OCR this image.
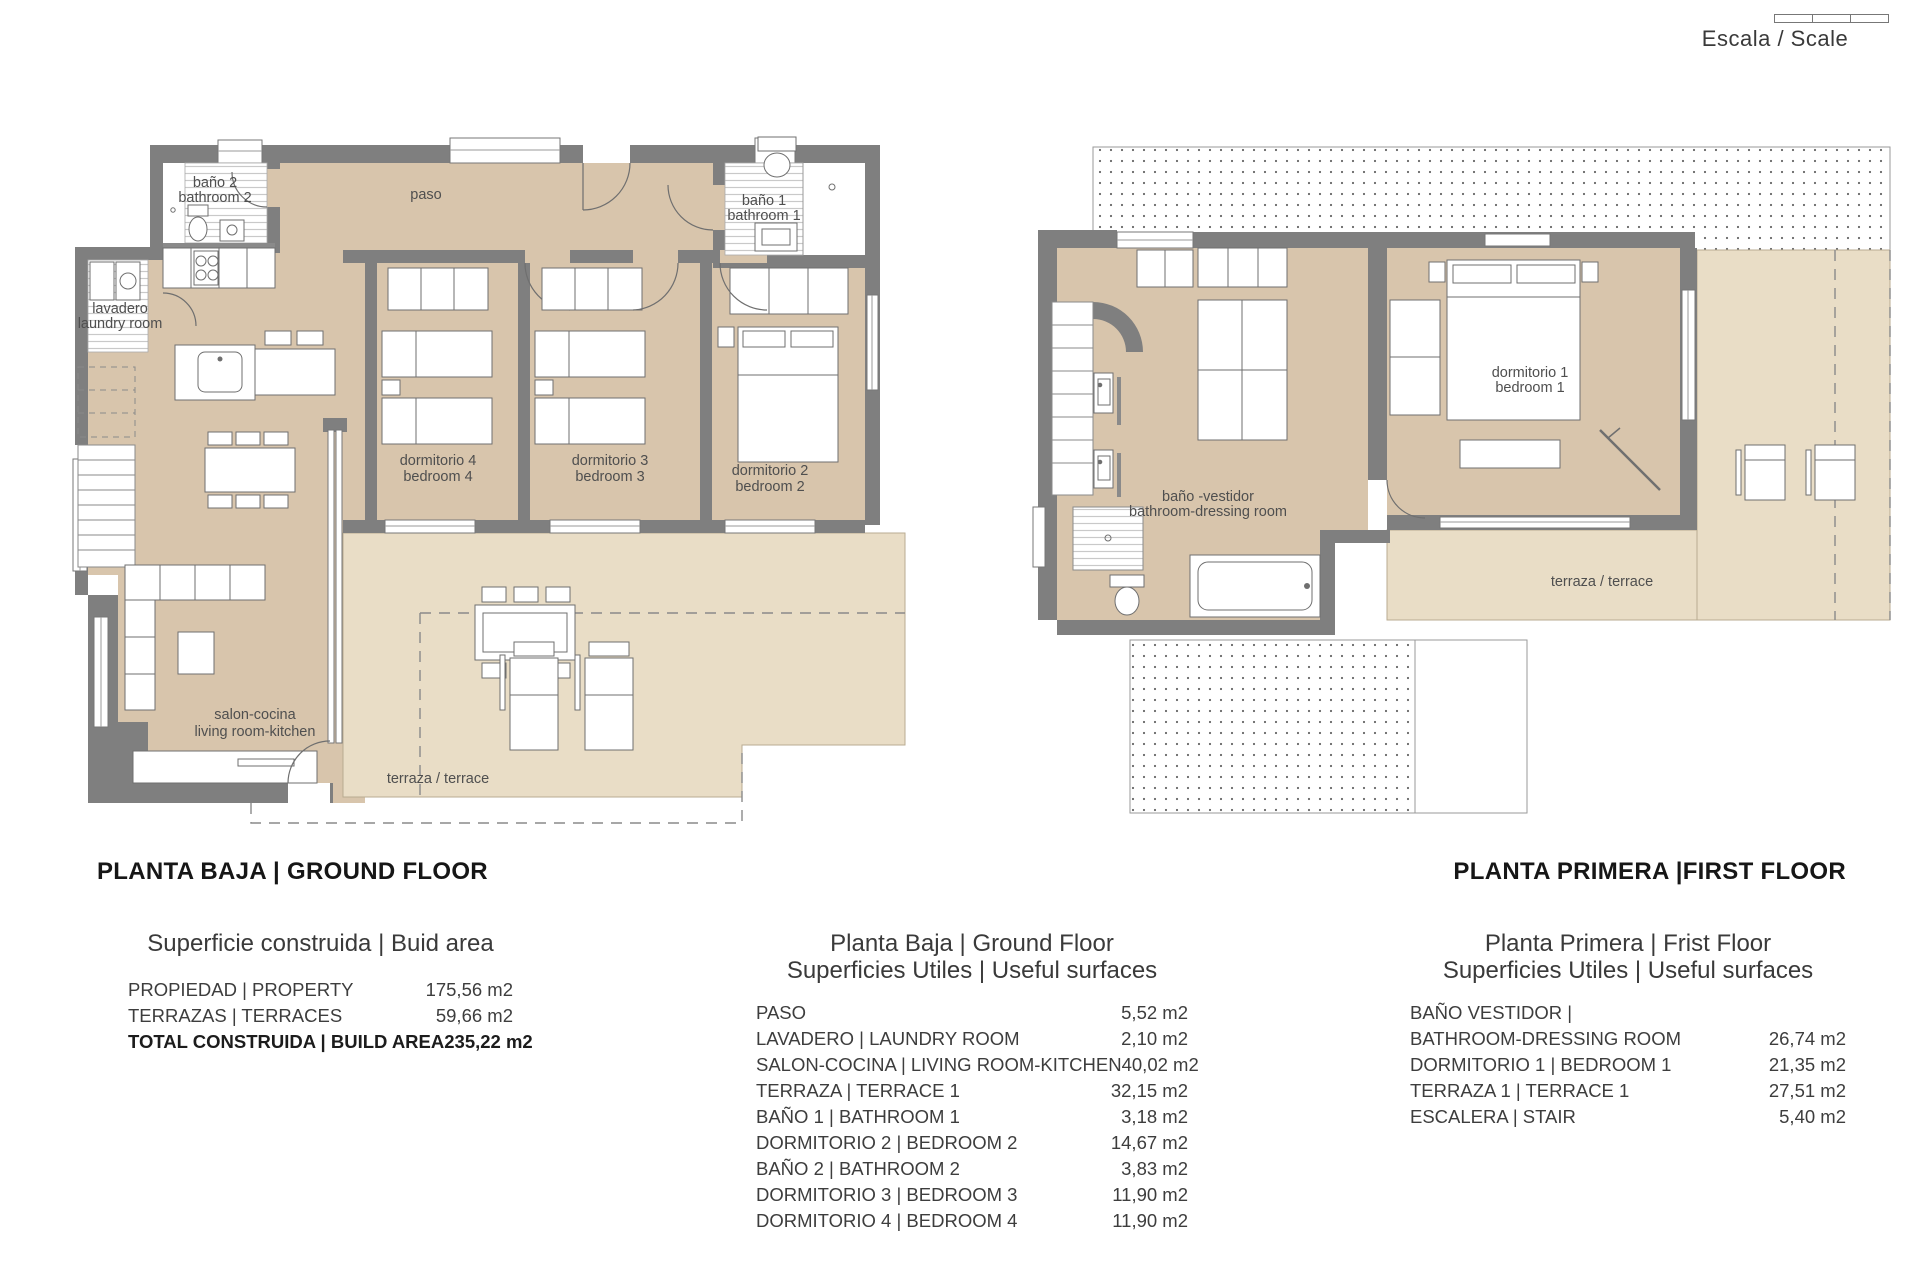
Escala / Scale
baño 2
bathroom 2
lavadero
laundry room
dormitorio 4
bedroom 4
dormitorio 3
bedroom 3	dormitorio 2
bedroom 2
baño 1
bathroom 1
paso
salon-cocina
living room-kitchen
terraza / terrace
dormitorio 1
bedroom 1
baño -vestidor
bathroom-dressing room
terraza / terrace
PLANTA BAJA | GROUND FLOOR	PLANTA PRIMERA |FIRST FLOOR
Superficie construida | Buid area
PROPIEDAD | PROPERTY	175,56 m2
TERRAZAS | TERRACES	59,66 m2
TOTAL CONSTRUIDA | BUILD AREA 235,22 m2
Planta Baja | Ground Floor
Superficies Utiles | Useful surfaces
PASO	5,52 m2
LAVADERO | LAUNDRY ROOM	2,10 m2
SALON-COCINA | LIVING ROOM-KITCHEN 40,02 m2
TERRAZA | TERRACE 1	32,15 m2
BAÑO 1 | BATHROOM 1	3,18 m2
DORMITORIO 2 | BEDROOM 2	14,67 m2
BAÑO 2 | BATHROOM 2	3,83 m2
DORMITORIO 3 | BEDROOM 3	11,90 m2
DORMITORIO 4 | BEDROOM 4	11,90 m2
Planta Primera | Frist Floor
Superficies Utiles | Useful surfaces
BAÑO VESTIDOR |
BATHROOM-DRESSING ROOM	26,74 m2
DORMITORIO 1 | BEDROOM 1	21,35 m2
TERRAZA 1 | TERRACE 1	27,51 m2
ESCALERA | STAIR	5,40 m2
